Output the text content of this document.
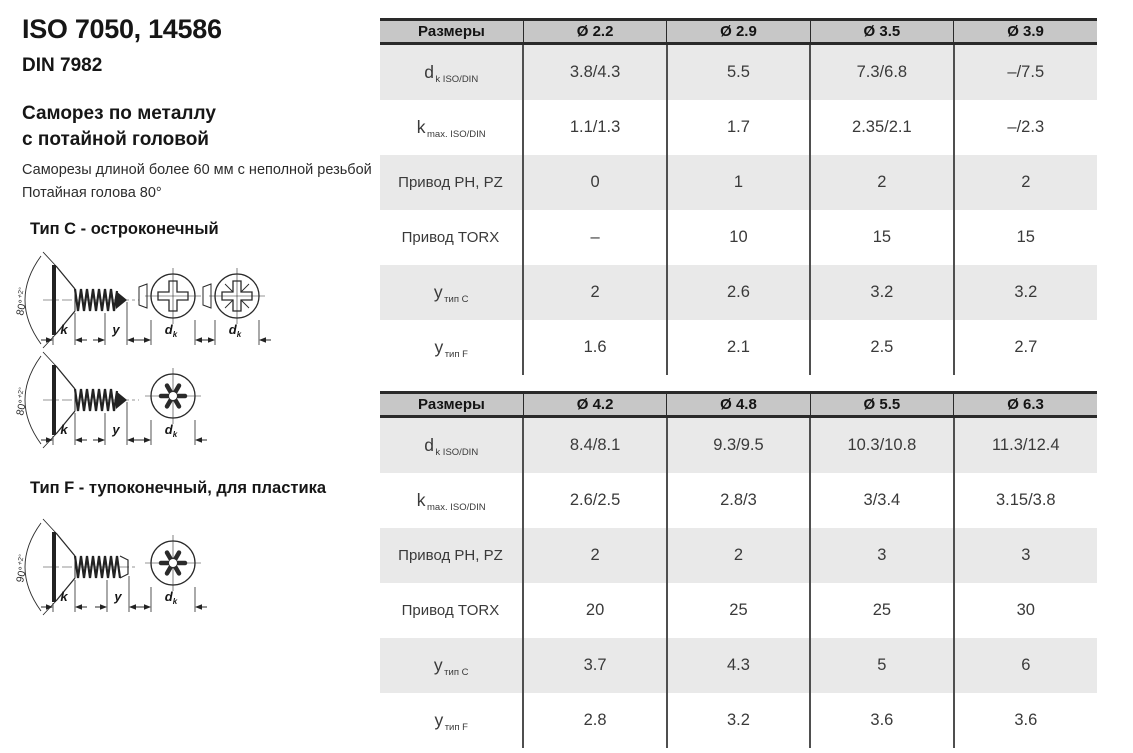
ISO 7050, 14586
DIN 7982
Саморез по металлу
с потайной головой
Саморезы длиной более 60 мм с неполной резьбой
Потайная голова 80°
Тип C - остроконечный
k	y
80°$^{+2^\circ}$
$d_k$	$d_k$
k	y
80°$^{+2^\circ}$
$d_k$
Тип F - тупоконечный, для пластика
k	y
90°$^{+2^\circ}$
$d_k$
Размеры	Ø 2.2	Ø 2.9	Ø 3.5	Ø 3.9
d $_{k ISO/DIN}$	3.8/4.3	5.5	7.3/6.8	–/7.5
k $_{max. ISO/DIN}$	1.1/1.3	1.7	2.35/2.1	–/2.3
Привод PH, PZ	0	1	2	2
Привод TORX	–	10	15	15
y $_{тип C}$	2	2.6	3.2	3.2
y $_{тип F}$	1.6	2.1	2.5	2.7
Размеры	Ø 4.2	Ø 4.8	Ø 5.5	Ø 6.3
d $_{k ISO/DIN}$	8.4/8.1	9.3/9.5	10.3/10.8	11.3/12.4
k $_{max. ISO/DIN}$	2.6/2.5	2.8/3	3/3.4	3.15/3.8
Привод PH, PZ	2	2	3	3
Привод TORX	20	25	25	30
y $_{тип C}$	3.7	4.3	5	6
y $_{тип F}$	2.8	3.2	3.6	3.6
